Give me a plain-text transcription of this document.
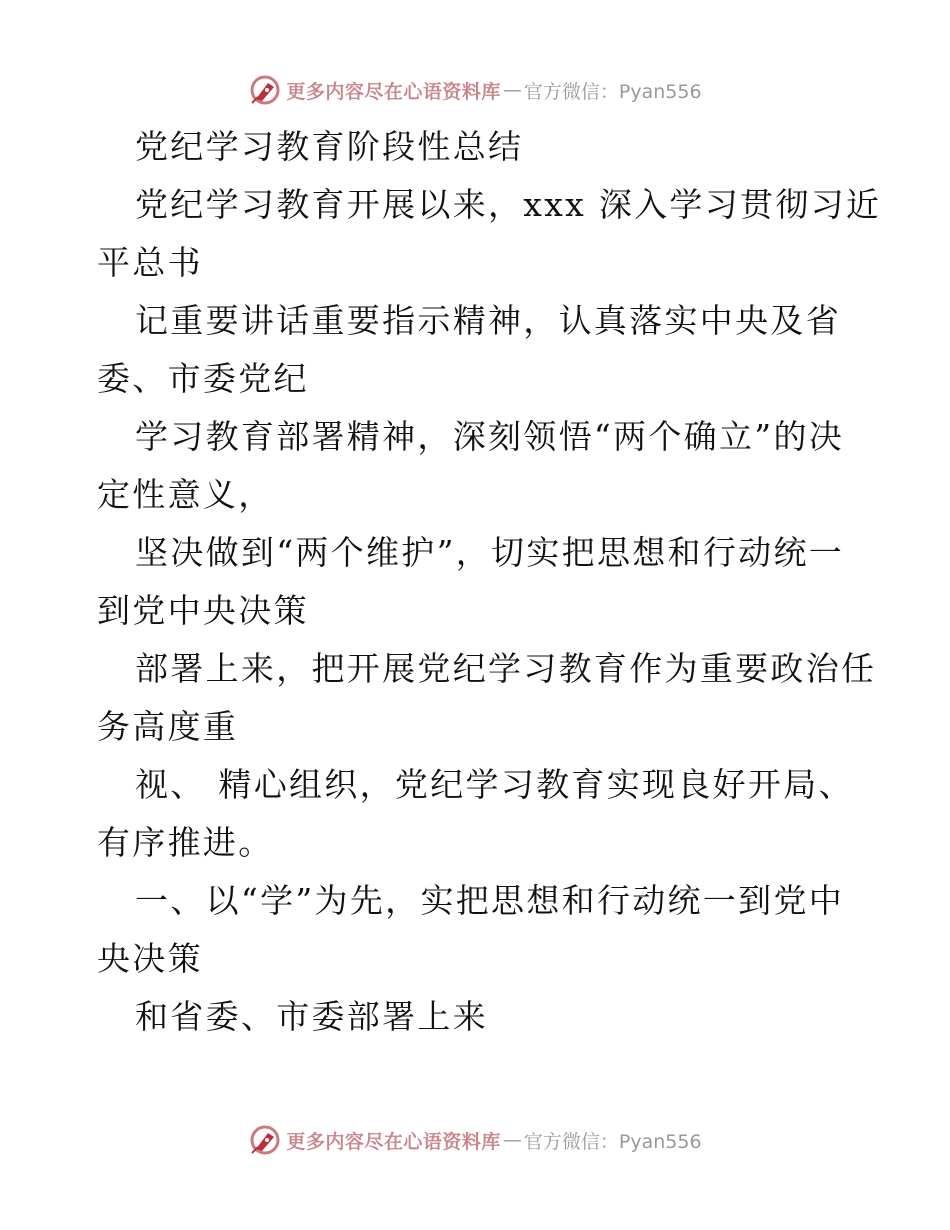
更多内容尽在心语资料库 — 官方微信：Pyan556
党纪学习教育阶段性总结
党纪学习教育开展以来，xxx 深入学习贯彻习近
平总书
记重要讲话重要指示精神，认真落实中央及省
委、市委党纪
学习教育部署精神，深刻领悟“两个确立”的决
定性意义，
坚决做到“两个维护”，切实把思想和行动统一
到党中央决策
部署上来，把开展党纪学习教育作为重要政治任
务高度重
视、 精心组织，党纪学习教育实现良好开局、
有序推进。
一、以“学”为先，实把思想和行动统一到党中
央决策
和省委、市委部署上来
更多内容尽在心语资料库 — 官方微信：Pyan556
